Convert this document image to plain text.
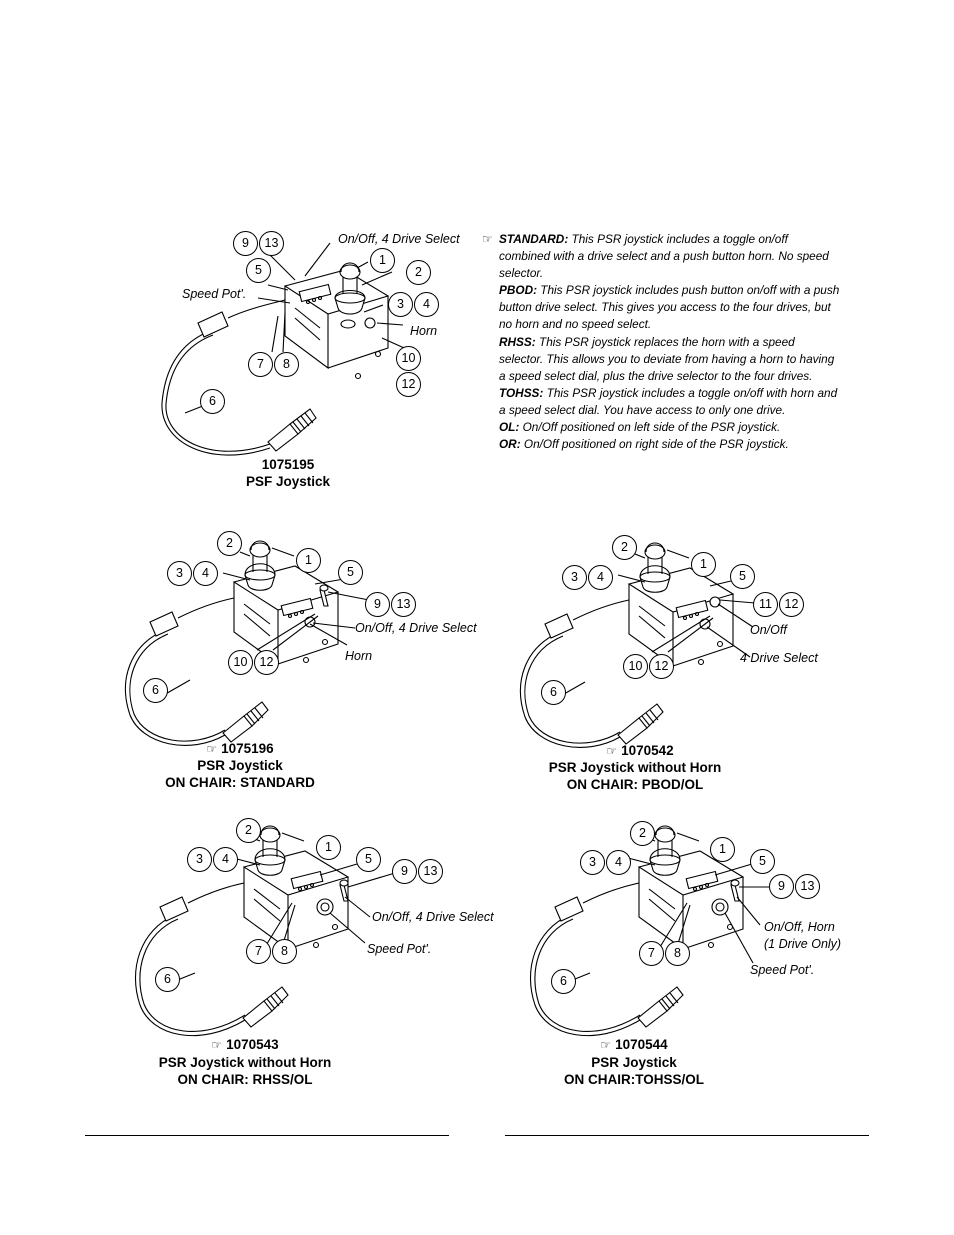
On/Off, 4 Drive Select
Speed Pot'.
Horn
9	13
5
1
2
3	4
7	8	10
12
6
1075195
PSF Joystick
☞ STANDARD: This PSR joystick includes a toggle on/off combined with a drive select and a push button horn. No speed selector.

PBOD: This PSR joystick includes push button on/off with a push button drive select. This gives you access to the four drives, but no horn and no speed select.

RHSS: This PSR joystick replaces the horn with a speed selector. This allows you to deviate from having a horn to having a speed select dial, plus the drive selector to the four drives.

TOHSS: This PSR joystick includes a toggle on/off with horn and a speed select dial. You have access to only one drive.

OL: On/Off positioned on left side of the PSR joystick.

OR: On/Off positioned on right side of the PSR joystick.

On/Off, 4 Drive Select
Horn
2
1
3	4	5
9	13
10 12
6
☞ 1075196
PSR Joystick
ON CHAIR: STANDARD
On/Off
4 Drive Select
2
1
3	4	5
11	12
10 12
6
☞ 1070542
PSR Joystick without Horn
ON CHAIR: PBOD/OL
On/Off, 4 Drive Select
Speed Pot'.
2
1
3	4	5
9	13
7	8
6
☞ 1070543
PSR Joystick without Horn
ON CHAIR: RHSS/OL
On/Off, Horn
(1 Drive Only)
Speed Pot'.
2
1
3	4	5
9	13
7	8
6
☞ 1070544
PSR Joystick
ON CHAIR:TOHSS/OL
